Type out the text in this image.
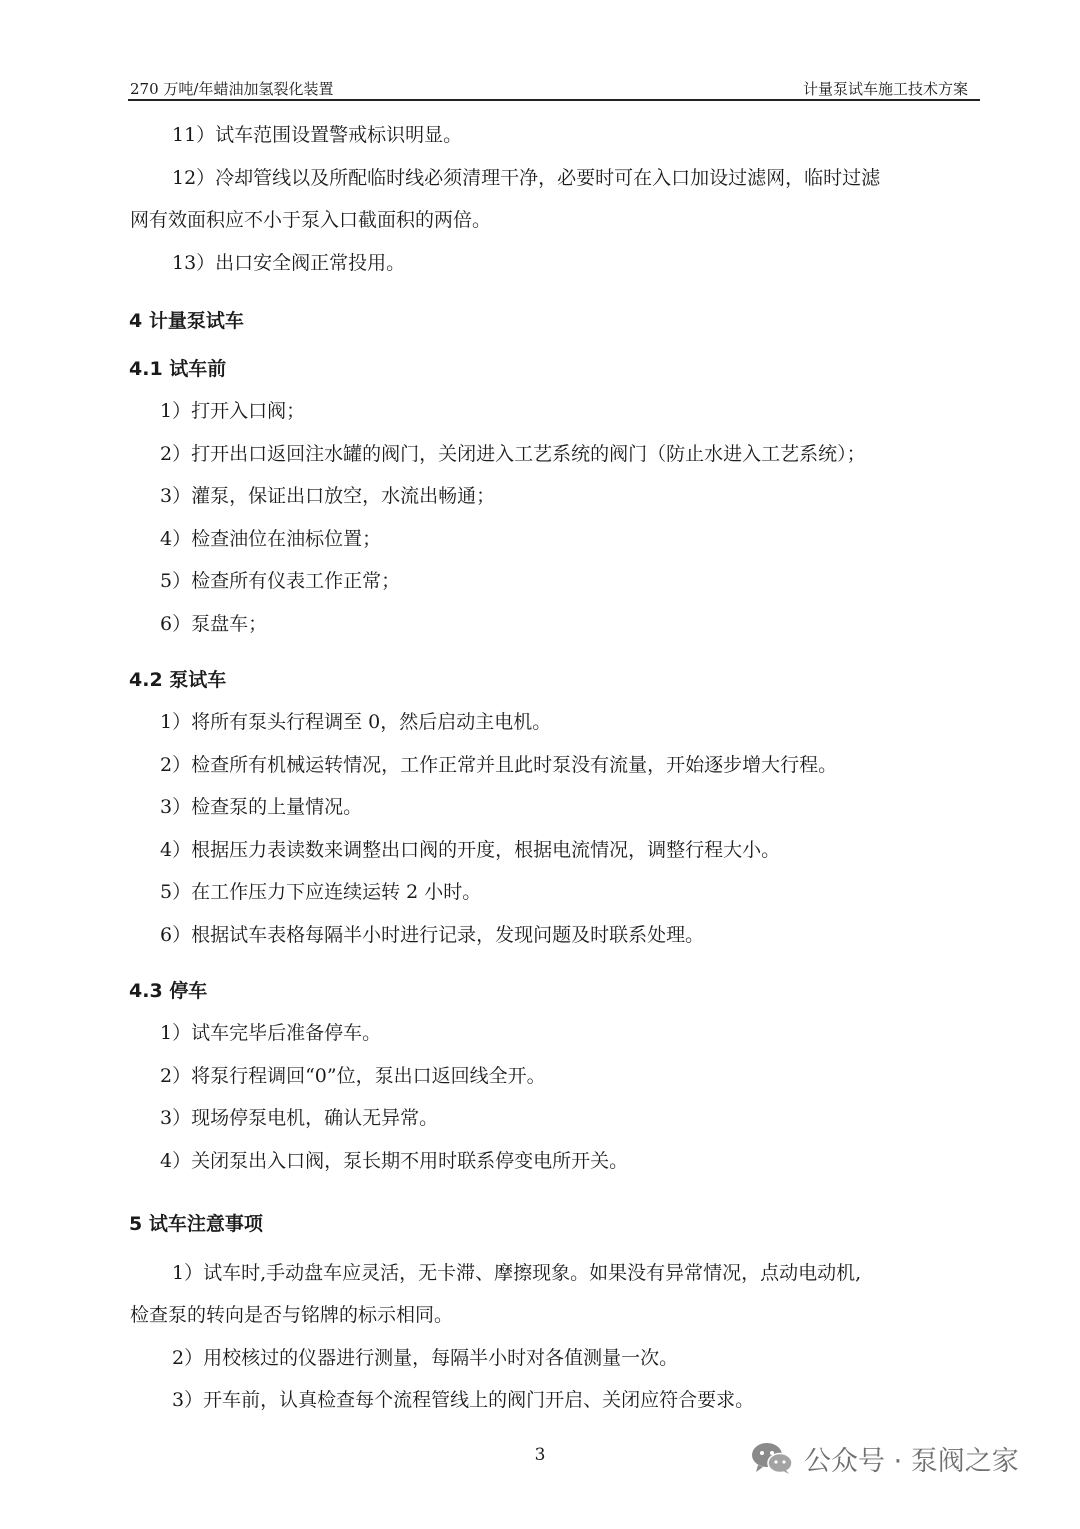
270 万吨/年蜡油加氢裂化装置	计量泵试车施工技术方案
11）试车范围设置警戒标识明显。
12）冷却管线以及所配临时线必须清理干净，必要时可在入口加设过滤网，临时过滤
网有效面积应不小于泵入口截面积的两倍。
13）出口安全阀正常投用。
4 计量泵试车
4.1 试车前
1）打开入口阀；
2）打开出口返回注水罐的阀门，关闭进入工艺系统的阀门（防止水进入工艺系统）；
3）灌泵，保证出口放空，水流出畅通；
4）检查油位在油标位置；
5）检查所有仪表工作正常；
6）泵盘车；
4.2 泵试车
1）将所有泵头行程调至 0，然后启动主电机。
2）检查所有机械运转情况，工作正常并且此时泵没有流量，开始逐步增大行程。
3）检查泵的上量情况。
4）根据压力表读数来调整出口阀的开度，根据电流情况，调整行程大小。
5）在工作压力下应连续运转 2 小时。
6）根据试车表格每隔半小时进行记录，发现问题及时联系处理。
4.3 停车
1）试车完毕后准备停车。
2）将泵行程调回“0”位，泵出口返回线全开。
3）现场停泵电机，确认无异常。
4）关闭泵出入口阀，泵长期不用时联系停变电所开关。
5 试车注意事项
1）试车时,手动盘车应灵活，无卡滞、摩擦现象。如果没有异常情况，点动电动机,
检查泵的转向是否与铭牌的标示相同。
2）用校核过的仪器进行测量，每隔半小时对各值测量一次。
3）开车前，认真检查每个流程管线上的阀门开启、关闭应符合要求。
3	公众号 · 泵阀之家
